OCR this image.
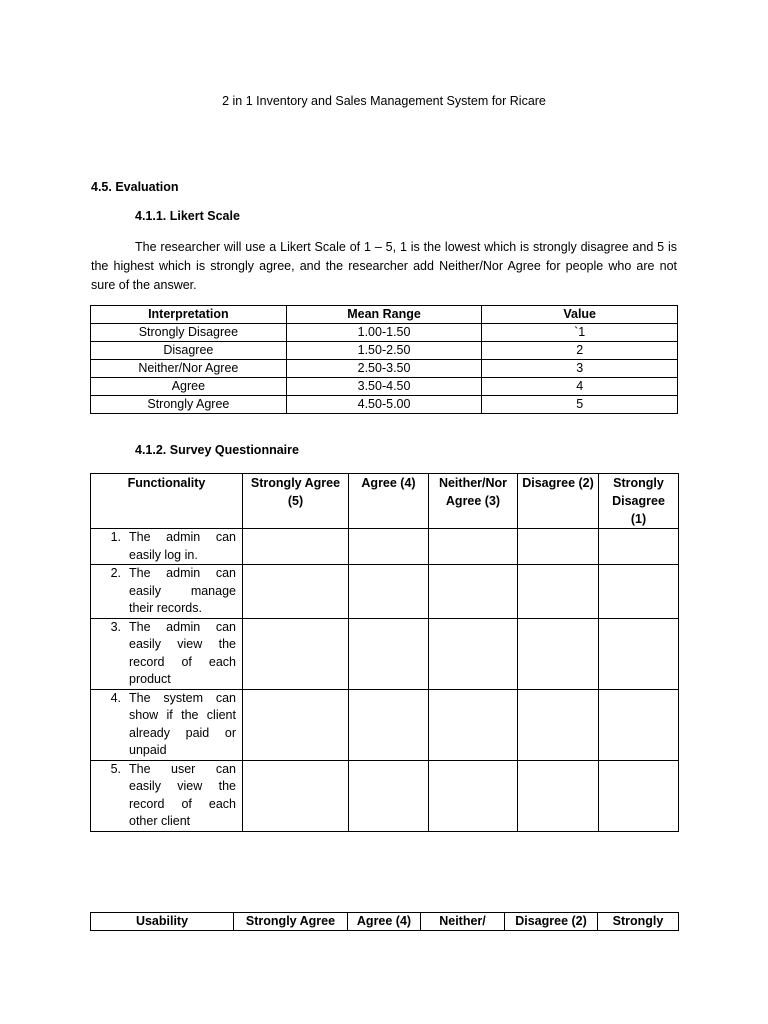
2 in 1 Inventory and Sales Management System for Ricare
4.5. Evaluation
4.1.1. Likert Scale
The researcher will use a Likert Scale of 1 – 5, 1 is the lowest which is strongly disagree and 5 is the highest which is strongly agree, and the researcher add Neither/Nor Agree for people who are not sure of the answer.
Interpretation	Mean Range	Value
Strongly Disagree	1.00-1.50	`1
Disagree	1.50-2.50	2
Neither/Nor Agree	2.50-3.50	3
Agree	3.50-4.50	4
Strongly Agree	4.50-5.00	5
4.1.2. Survey Questionnaire
Functionality	Strongly Agree (5)	Agree (4)	Neither/Nor Agree (3)	Disagree (2)	Strongly Disagree (1)

1. The admin can easily log in.					

2. The admin can easily manage their records.					

3. The admin can easily view the record of each product					

4. The system can show if the client already paid or unpaid					

5. The user can easily view the record of each other client					

Usability	Strongly Agree	Agree (4)	Neither/	Disagree (2)	Strongly
